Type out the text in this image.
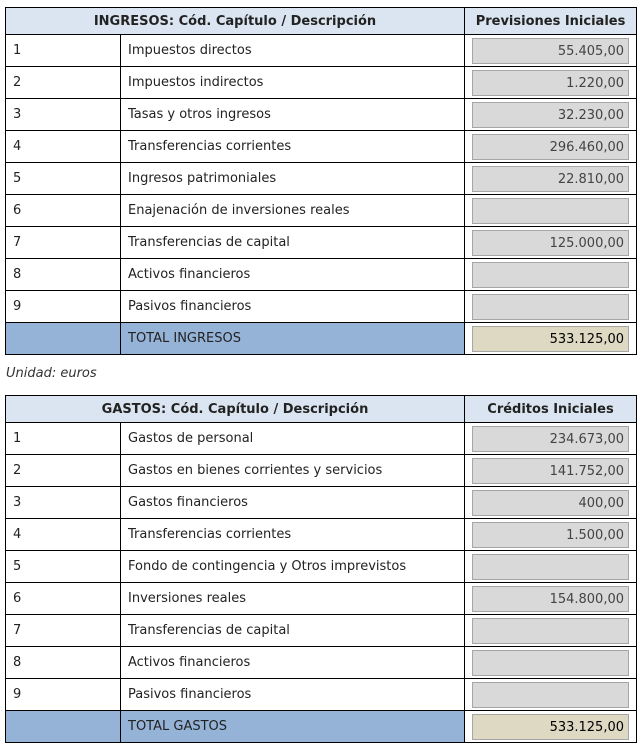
INGRESOS: Cód. Capítulo / Descripción		Previsiones Iniciales
1	Impuestos directos	55.405,00

2	Impuestos indirectos	1.220,00

3	Tasas y otros ingresos	32.230,00

4	Transferencias corrientes	296.460,00

5	Ingresos patrimoniales	22.810,00

6	Enajenación de inversiones reales	

7	Transferencias de capital	125.000,00

8	Activos financieros	

9	Pasivos financieros	

	TOTAL INGRESOS	533.125,00
Unidad: euros
GASTOS: Cód. Capítulo / Descripción		Créditos Iniciales
1	Gastos de personal	234.673,00

2	Gastos en bienes corrientes y servicios	141.752,00

3	Gastos financieros	400,00

4	Transferencias corrientes	1.500,00

5	Fondo de contingencia y Otros imprevistos	

6	Inversiones reales	154.800,00

7	Transferencias de capital	

8	Activos financieros	

9	Pasivos financieros	

	TOTAL GASTOS	533.125,00
